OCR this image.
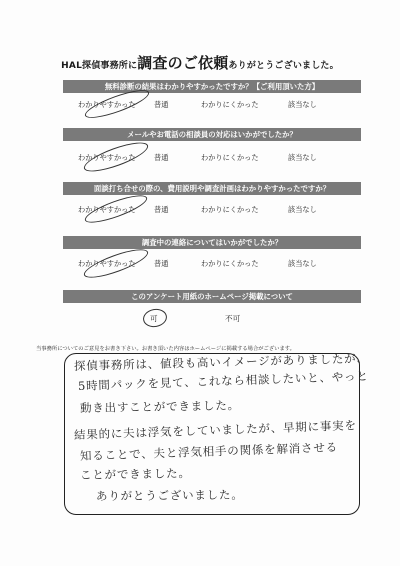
HAL探偵事務所に調査のご依頼ありがとうございました。
無料診断の結果はわかりやすかったですか？【ご利用頂いた方】
わかりやすかった	普通	わかりにくかった	該当なし
メールやお電話の相談員の対応はいかがでしたか？
わかりやすかった	普通	わかりにくかった	該当なし
面談打ち合せの際の、費用説明や調査計画はわかりやすかったですか？
わかりやすかった	普通	わかりにくかった	該当なし
調査中の連絡についてはいかがでしたか？
わかりやすかった	普通	わかりにくかった	該当なし
このアンケート用紙のホームページ掲載について
可	不可
当事務所についてのご意見をお書き下さい。お書き頂いた内容はホームページに掲載する場合がございます。
探偵事務所は、値段も高いイメージがありましたが、
5時間パックを見て、これなら相談したいと、やっと
動き出すことができました。
結果的に夫は浮気をしていましたが、早期に事実を
知ることで、夫と浮気相手の関係を解消させる
ことができました。
ありがとうございました。
